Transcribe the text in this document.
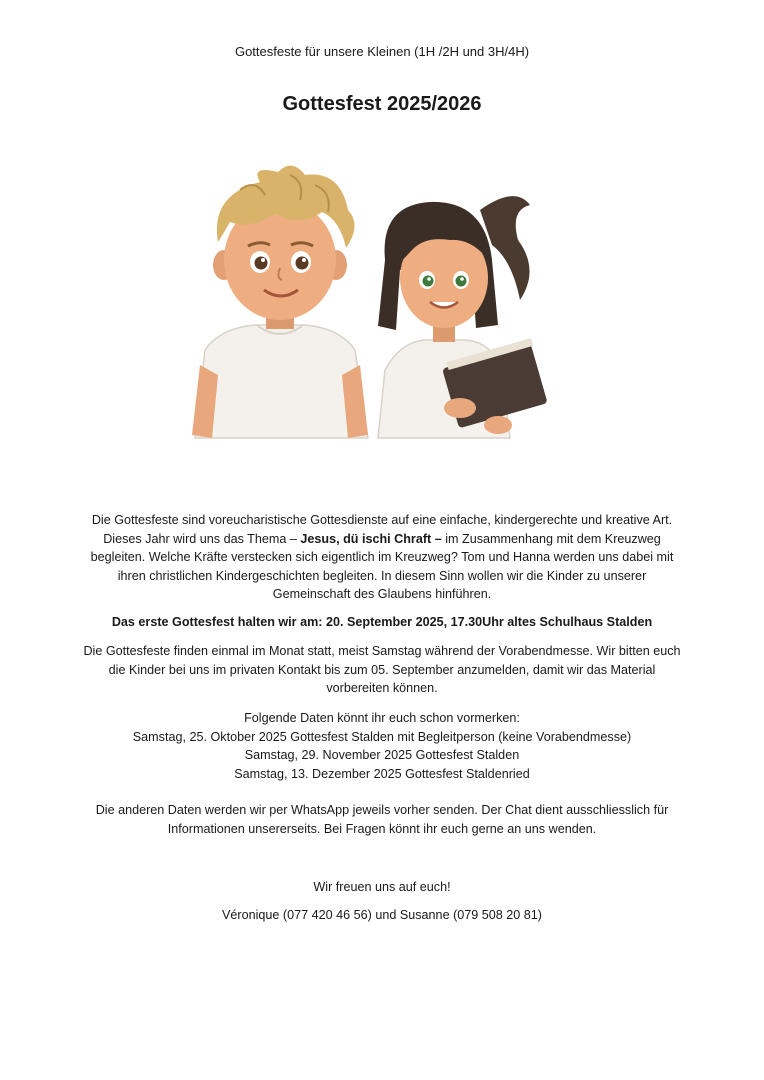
Gottesfeste für unsere Kleinen (1H /2H und 3H/4H)
Gottesfest 2025/2026

Die Gottesfeste sind voreucharistische Gottesdienste auf eine einfache, kindergerechte und kreative Art. Dieses Jahr wird uns das Thema – Jesus, dü ischi Chraft – im Zusammenhang mit dem Kreuzweg begleiten. Welche Kräfte verstecken sich eigentlich im Kreuzweg? Tom und Hanna werden uns dabei mit ihren christlichen Kindergeschichten begleiten. In diesem Sinn wollen wir die Kinder zu unserer Gemeinschaft des Glaubens hinführen.

Das erste Gottesfest halten wir am: 20. September 2025, 17.30Uhr altes Schulhaus Stalden

Die Gottesfeste finden einmal im Monat statt, meist Samstag während der Vorabendmesse. Wir bitten euch die Kinder bei uns im privaten Kontakt bis zum 05. September anzumelden, damit wir das Material vorbereiten können.

Folgende Daten könnt ihr euch schon vormerken:
Samstag, 25. Oktober 2025 Gottesfest Stalden mit Begleitperson (keine Vorabendmesse)
Samstag, 29. November 2025 Gottesfest Stalden
Samstag, 13. Dezember 2025 Gottesfest Staldenried

Die anderen Daten werden wir per WhatsApp jeweils vorher senden. Der Chat dient ausschliesslich für Informationen unsererseits. Bei Fragen könnt ihr euch gerne an uns wenden.

Wir freuen uns auf euch!

Véronique (077 420 46 56) und Susanne (079 508 20 81)
